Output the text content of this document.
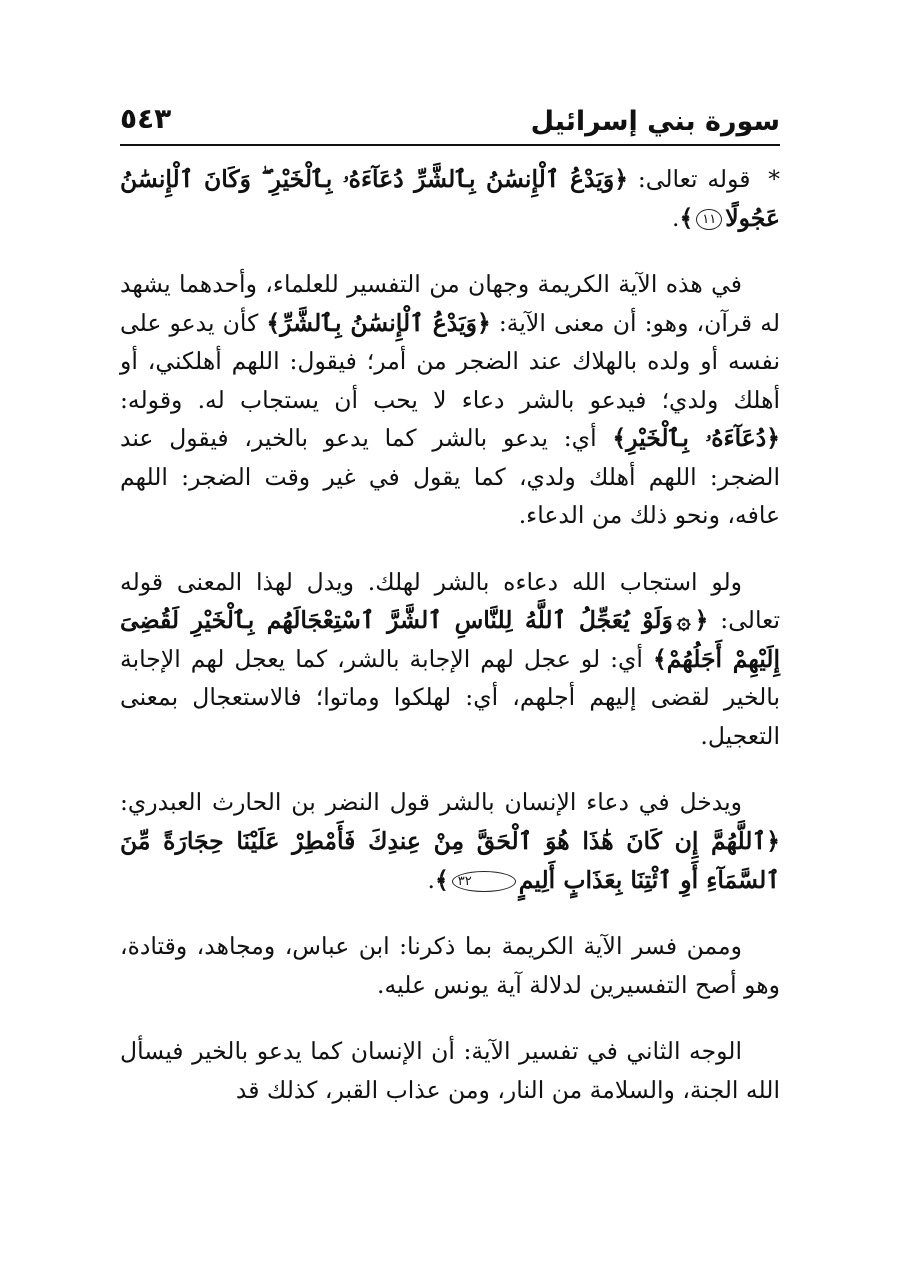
سورة بني إسرائيل
٥٤٣

* قوله تعالى: ﴿وَيَدْعُ ٱلْإِنسَٰنُ بِٱلشَّرِّ دُعَآءَهُۥ بِٱلْخَيْرِ ۖ وَكَانَ ٱلْإِنسَٰنُ عَجُولًا١١﴾.

في هذه الآية الكريمة وجهان من التفسير للعلماء، وأحدهما يشهد له قرآن، وهو: أن معنى الآية: ﴿وَيَدْعُ ٱلْإِنسَٰنُ بِٱلشَّرِّ﴾ كأن يدعو على نفسه أو ولده بالهلاك عند الضجر من أمر؛ فيقول: اللهم أهلكني، أو أهلك ولدي؛ فيدعو بالشر دعاء لا يحب أن يستجاب له. وقوله: ﴿دُعَآءَهُۥ بِٱلْخَيْرِ﴾ أي: يدعو بالشر كما يدعو بالخير، فيقول عند الضجر: اللهم أهلك ولدي، كما يقول في غير وقت الضجر: اللهم عافه، ونحو ذلك من الدعاء.

ولو استجاب الله دعاءه بالشر لهلك. ويدل لهذا المعنى قوله تعالى: ﴿۞وَلَوْ يُعَجِّلُ ٱللَّهُ لِلنَّاسِ ٱلشَّرَّ ٱسْتِعْجَالَهُم بِٱلْخَيْرِ لَقُضِىَ إِلَيْهِمْ أَجَلُهُمْ﴾ أي: لو عجل لهم الإجابة بالشر، كما يعجل لهم الإجابة بالخير لقضى إليهم أجلهم، أي: لهلكوا وماتوا؛ فالاستعجال بمعنى التعجيل.

ويدخل في دعاء الإنسان بالشر قول النضر بن الحارث العبدري: ﴿ٱللَّهُمَّ إِن كَانَ هَٰذَا هُوَ ٱلْحَقَّ مِنْ عِندِكَ فَأَمْطِرْ عَلَيْنَا حِجَارَةً مِّنَ ٱلسَّمَآءِ أَوِ ٱئْتِنَا بِعَذَابٍ أَلِيمٍ٣٢﴾.

وممن فسر الآية الكريمة بما ذكرنا: ابن عباس، ومجاهد، وقتادة، وهو أصح التفسيرين لدلالة آية يونس عليه.

الوجه الثاني في تفسير الآية: أن الإنسان كما يدعو بالخير فيسأل الله الجنة، والسلامة من النار، ومن عذاب القبر، كذلك قد
